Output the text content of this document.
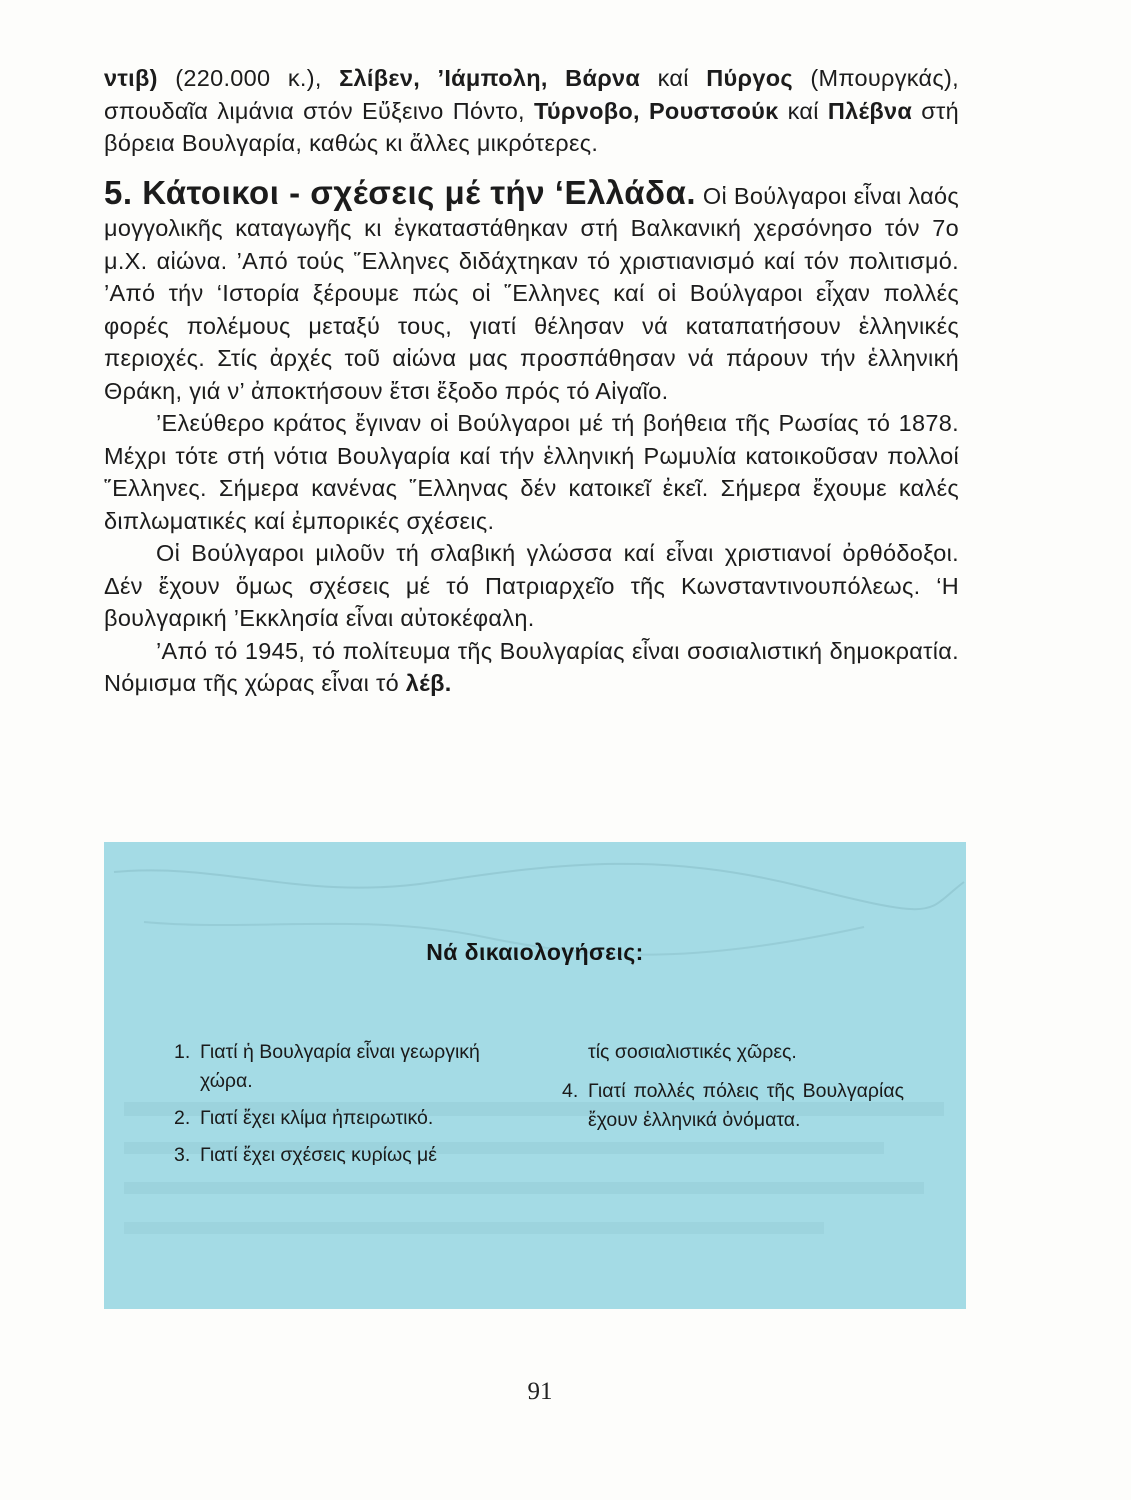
ντιβ) (220.000 κ.), Σλίβεν, ’Ιάμπολη, Βάρνα καί Πύργος (Μπουργκάς), σπουδαῖα λιμάνια στόν Εὔξεινο Πόντο, Τύρνοβο, Ρουστσούκ καί Πλέβνα στή βόρεια Βουλγαρία, καθώς κι ἄλλες μικρότερες.

5. Κάτοικοι - σχέσεις μέ τήν ‘Ελλάδα. Οἱ Βούλγαροι εἶναι λαός μογγολικῆς καταγωγῆς κι ἐγκαταστάθηκαν στή Βαλκανική χερσόνησο τόν 7ο μ.Χ. αἰώνα. ’Από τούς ῞Ελληνες διδάχτηκαν τό χριστιανισμό καί τόν πολιτισμό. ’Από τήν ‘Ιστορία ξέρουμε πώς οἱ ῞Ελληνες καί οἱ Βούλγαροι εἶχαν πολλές φορές πολέμους μεταξύ τους, γιατί θέλησαν νά καταπατήσουν ἑλληνικές περιοχές. Στίς ἀρχές τοῦ αἰώνα μας προσπάθησαν νά πάρουν τήν ἑλληνική Θράκη, γιά ν’ ἀποκτήσουν ἔτσι ἔξοδο πρός τό Αἰγαῖο.

’Ελεύθερο κράτος ἔγιναν οἱ Βούλγαροι μέ τή βοήθεια τῆς Ρωσίας τό 1878. Μέχρι τότε στή νότια Βουλγαρία καί τήν ἑλληνική Ρωμυλία κατοικοῦσαν πολλοί ῞Ελληνες. Σήμερα κανένας ῞Ελληνας δέν κατοικεῖ ἐκεῖ. Σήμερα ἔχουμε καλές διπλωματικές καί ἐμπορικές σχέσεις.

Οἱ Βούλγαροι μιλοῦν τή σλαβική γλώσσα καί εἶναι χριστιανοί ὀρθόδοξοι. Δέν ἔχουν ὅμως σχέσεις μέ τό Πατριαρχεῖο τῆς Κωνσταντινουπόλεως. ‘Η βουλγαρική ’Εκκλησία εἶναι αὐτοκέφαλη.

’Από τό 1945, τό πολίτευμα τῆς Βουλγαρίας εἶναι σοσιαλιστική δημοκρατία. Νόμισμα τῆς χώρας εἶναι τό λέβ.

Νά δικαιολογήσεις:
1. Γιατί ἡ Βουλγαρία εἶναι γεωργική χώρα.
2. Γιατί ἔχει κλίμα ἠπειρωτικό.
3. Γιατί ἔχει σχέσεις κυρίως μέ
τίς σοσιαλιστικές χῶρες.
4. Γιατί πολλές πόλεις τῆς Βουλγαρίας ἔχουν ἑλληνικά ὀνόματα.
91
